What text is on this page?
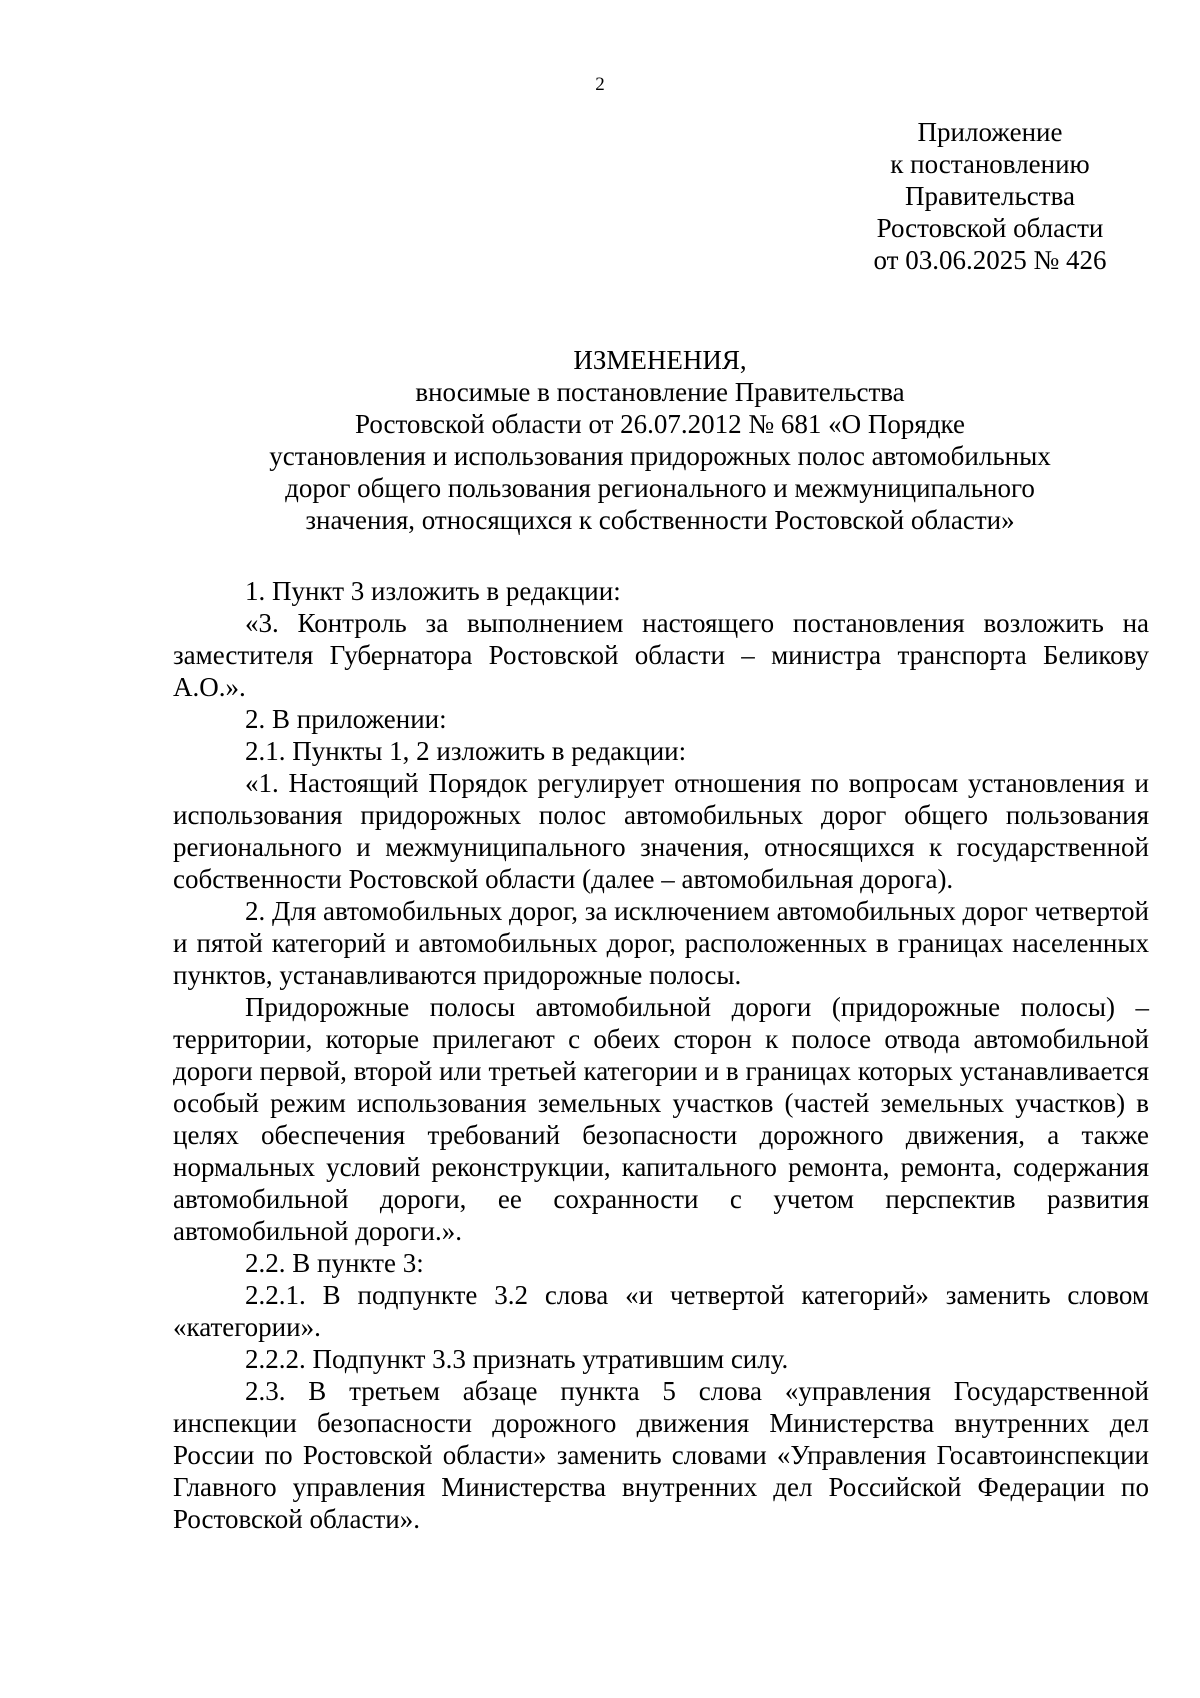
2
Приложение
к постановлению
Правительства
Ростовской области
от 03.06.2025 № 426
ИЗМЕНЕНИЯ,
вносимые в постановление Правительства
Ростовской области от 26.07.2012 № 681 «О Порядке
установления и использования придорожных полос автомобильных
дорог общего пользования регионального и межмуниципального
значения, относящихся к собственности Ростовской области»

1. Пункт 3 изложить в редакции:

«3. Контроль за выполнением настоящего постановления возложить на заместителя Губернатора Ростовской области – министра транспорта Беликову А.О.».

2. В приложении:

2.1. Пункты 1, 2 изложить в редакции:

«1. Настоящий Порядок регулирует отношения по вопросам установления и использования придорожных полос автомобильных дорог общего пользования регионального и межмуниципального значения, относящихся к государственной собственности Ростовской области (далее – автомобильная дорога).

2. Для автомобильных дорог, за исключением автомобильных дорог четвертой и пятой категорий и автомобильных дорог, расположенных в границах населенных пунктов, устанавливаются придорожные полосы.

Придорожные полосы автомобильной дороги (придорожные полосы) – территории, которые прилегают с обеих сторон к полосе отвода автомобильной дороги первой, второй или третьей категории и в границах которых устанавливается особый режим использования земельных участков (частей земельных участков) в целях обеспечения требований безопасности дорожного движения, а также нормальных условий реконструкции, капитального ремонта, ремонта, содержания автомобильной дороги, ее сохранности с учетом перспектив развития автомобильной дороги.».

2.2. В пункте 3:

2.2.1. В подпункте 3.2 слова «и четвертой категорий» заменить словом «категории».

2.2.2. Подпункт 3.3 признать утратившим силу.

2.3. В третьем абзаце пункта 5 слова «управления Государственной инспекции безопасности дорожного движения Министерства внутренних дел России по Ростовской области» заменить словами «Управления Госавтоинспекции Главного управления Министерства внутренних дел Российской Федерации по Ростовской области».
